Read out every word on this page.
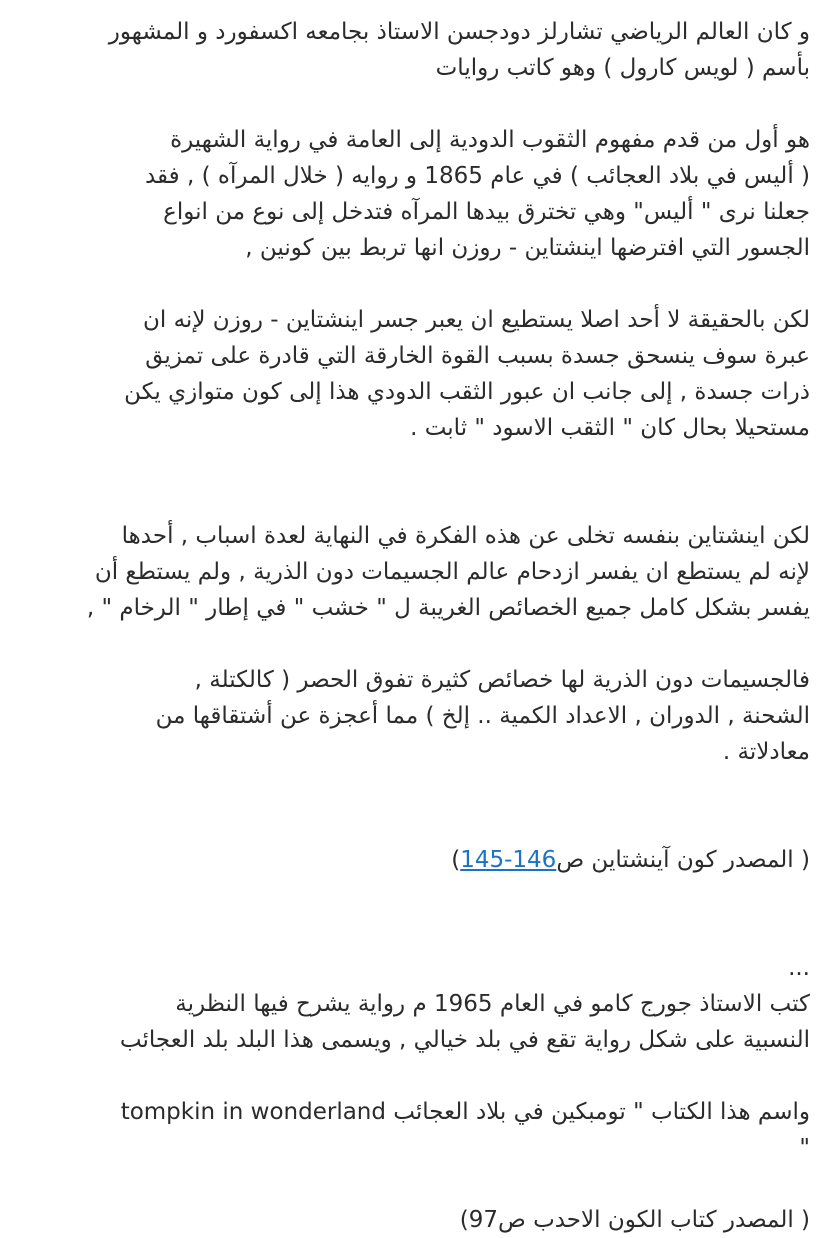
و كان العالم الرياضي تشارلز دودجسن الاستاذ بجامعه اكسفورد و المشهور
بأسم ( لويس كارول ) وهو كاتب روايات

هو أول من قدم مفهوم الثقوب الدودية إلى العامة في رواية الشهيرة
( أليس في بلاد العجائب ) في عام 1865 و روايه ( خلال المرآه ) , فقد
جعلنا نرى " أليس" وهي تخترق بيدها المرآه فتدخل إلى نوع من انواع
الجسور التي افترضها اينشتاين - روزن انها تربط بين كونين ,

لكن بالحقيقة لا أحد اصلا يستطيع ان يعبر جسر اينشتاين - روزن لإنه ان
عبرة سوف ينسحق جسدة بسبب القوة الخارقة التي قادرة على تمزيق
ذرات جسدة , إلى جانب ان عبور الثقب الدودي هذا إلى كون متوازي يكن
مستحيلا بحال كان " الثقب الاسود " ثابت .

لكن اينشتاين بنفسه تخلى عن هذه الفكرة في النهاية لعدة اسباب , أحدها
لإنه لم يستطع ان يفسر ازدحام عالم الجسيمات دون الذرية , ولم يستطع أن
يفسر بشكل كامل جميع الخصائص الغريبة ل " خشب " في إطار " الرخام " ,

فالجسيمات دون الذرية لها خصائص كثيرة تفوق الحصر ( كالكتلة ,
الشحنة , الدوران , الاعداد الكمية .. إلخ ) مما أعجزة عن أشتقاقها من
معادلاتة .

( المصدر كون آينشتاين ص145-146)

...

كتب الاستاذ جورج كامو في العام 1965 م رواية يشرح فيها النظرية
النسبية على شكل رواية تقع في بلد خيالي , ويسمى هذا البلد بلد العجائب

واسم هذا الكتاب " تومبكين في بلاد العجائب tompkin in wonderland
"

( المصدر كتاب الكون الاحدب ص97)
